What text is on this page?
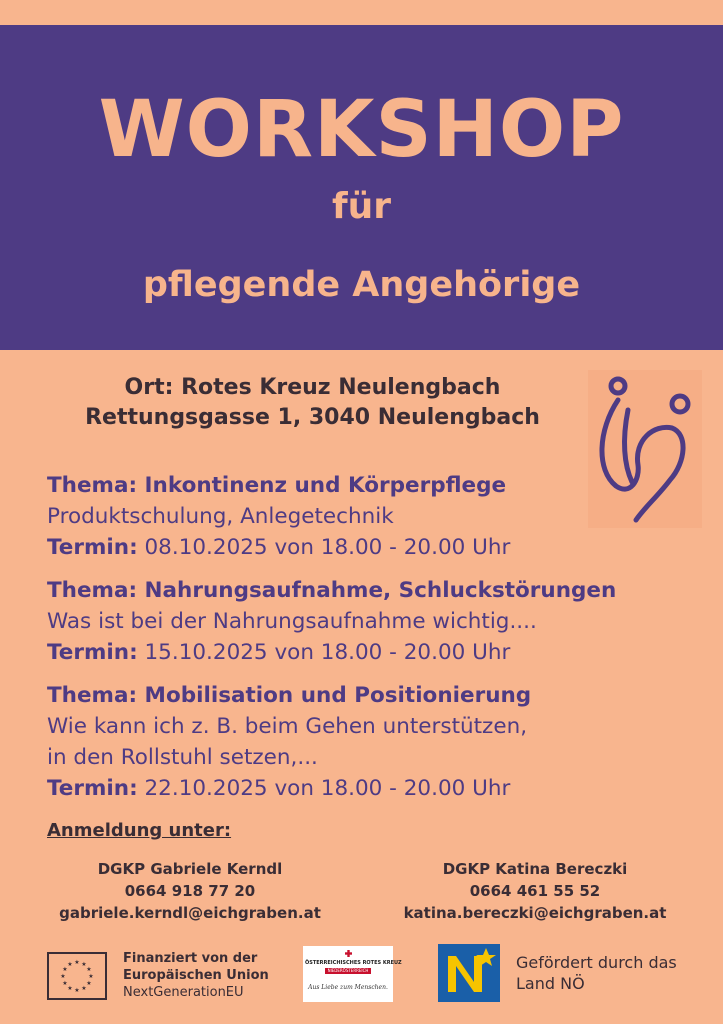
WORKSHOP
für
pflegende Angehörige
Ort: Rotes Kreuz Neulengbach
Rettungsgasse 1, 3040 Neulengbach
Thema: Inkontinenz und Körperpflege
Produktschulung, Anlegetechnik
Termin: 08.10.2025 von 18.00 - 20.00 Uhr
Thema: Nahrungsaufnahme, Schluckstörungen
Was ist bei der Nahrungsaufnahme wichtig....
Termin: 15.10.2025 von 18.00 - 20.00 Uhr
Thema: Mobilisation und Positionierung
Wie kann ich z. B. beim Gehen unterstützen,
in den Rollstuhl setzen,...
Termin: 22.10.2025 von 18.00 - 20.00 Uhr
Anmeldung unter:
DGKP Gabriele Kerndl
0664 918 77 20
gabriele.kerndl@eichgraben.at
DGKP Katina Bereczki
0664 461 55 52
katina.bereczki@eichgraben.at
★ ★
★
★
★
★
★
★
★
★
★
★	Finanziert von der
Europäischen Union
NextGenerationEU
ÖSTERREICHISCHES ROTES KREUZ
NIEDERÖSTERREICH
Aus Liebe zum Menschen.
Gefördert durch das
Land NÖ
